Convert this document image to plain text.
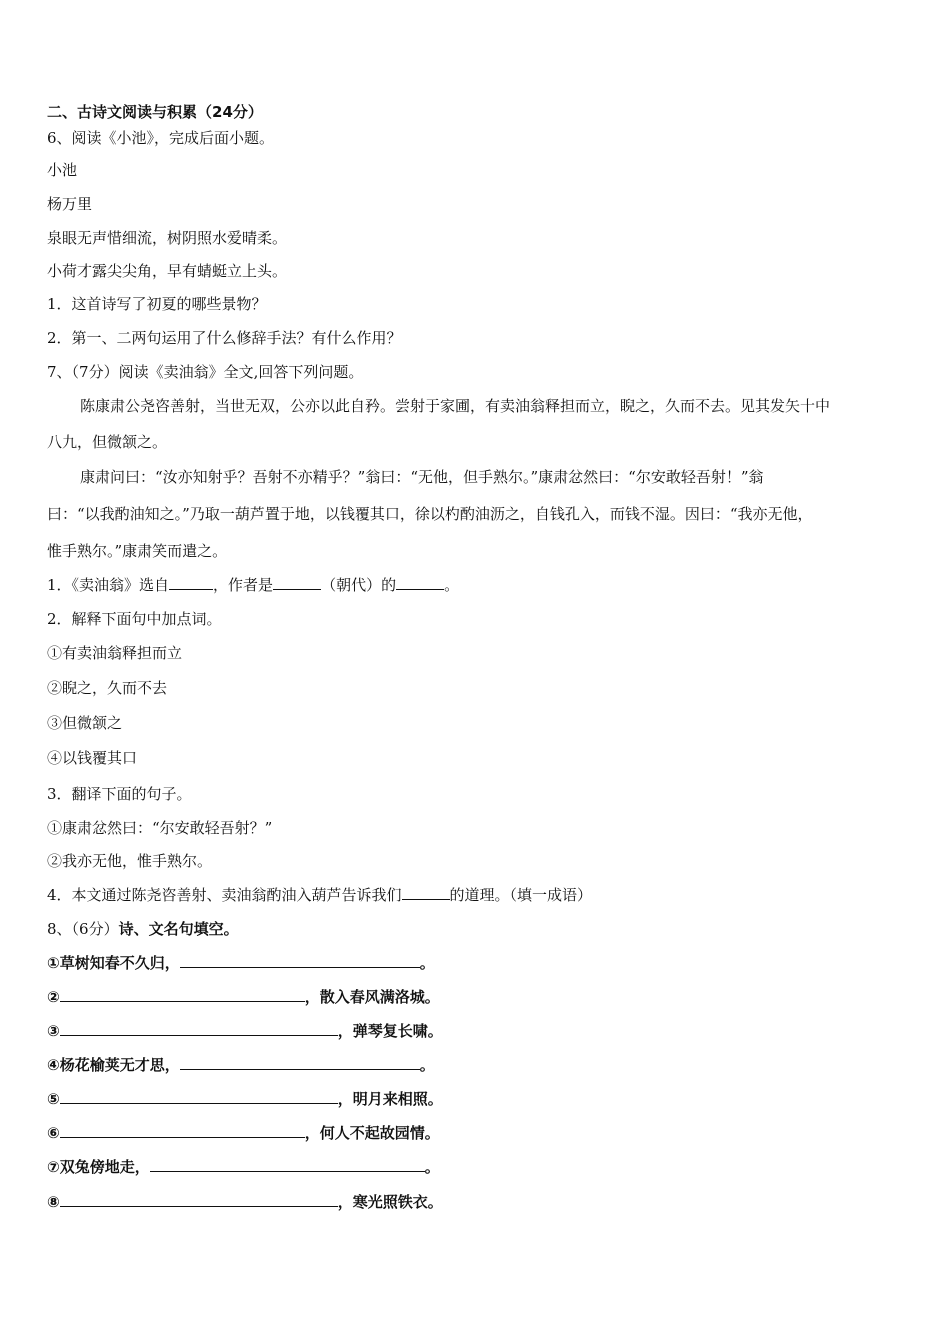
二、古诗文阅读与积累（24分）
6、阅读《小池》，完成后面小题。
小池
杨万里
泉眼无声惜细流，树阴照水爱晴柔。
小荷才露尖尖角，早有蜻蜓立上头。
1．这首诗写了初夏的哪些景物？
2．第一、二两句运用了什么修辞手法？有什么作用？
7、（7分）阅读《卖油翁》全文,回答下列问题。
陈康肃公尧咨善射，当世无双，公亦以此自矜。尝射于家圃，有卖油翁释担而立，睨之，久而不去。见其发矢十中
八九，但微颔之。
康肃问曰：“汝亦知射乎？吾射不亦精乎？”翁曰：“无他，但手熟尔。”康肃忿然曰：“尔安敢轻吾射！”翁
曰：“以我酌油知之。”乃取一葫芦置于地，以钱覆其口，徐以杓酌油沥之，自钱孔入，而钱不湿。因曰：“我亦无他，
惟手熟尔。”康肃笑而遣之。
1．《卖油翁》选自	，作者是	（朝代）的	。
2．解释下面句中加点词。
①有卖油翁释担而立
②睨之，久而不去
③但微颔之
④以钱覆其口
3．翻译下面的句子。
①康肃忿然曰：“尔安敢轻吾射？”
②我亦无他，惟手熟尔。
4．本文通过陈尧咨善射、卖油翁酌油入葫芦告诉我们	的道理。（填一成语）
8、（6分）诗、文名句填空。
①草树知春不久归，	。
②	，散入春风满洛城。
③	，弹琴复长啸。
④杨花榆荚无才思，	。
⑤	，明月来相照。
⑥	，何人不起故园情。
⑦双兔傍地走，	。
⑧	，寒光照铁衣。
